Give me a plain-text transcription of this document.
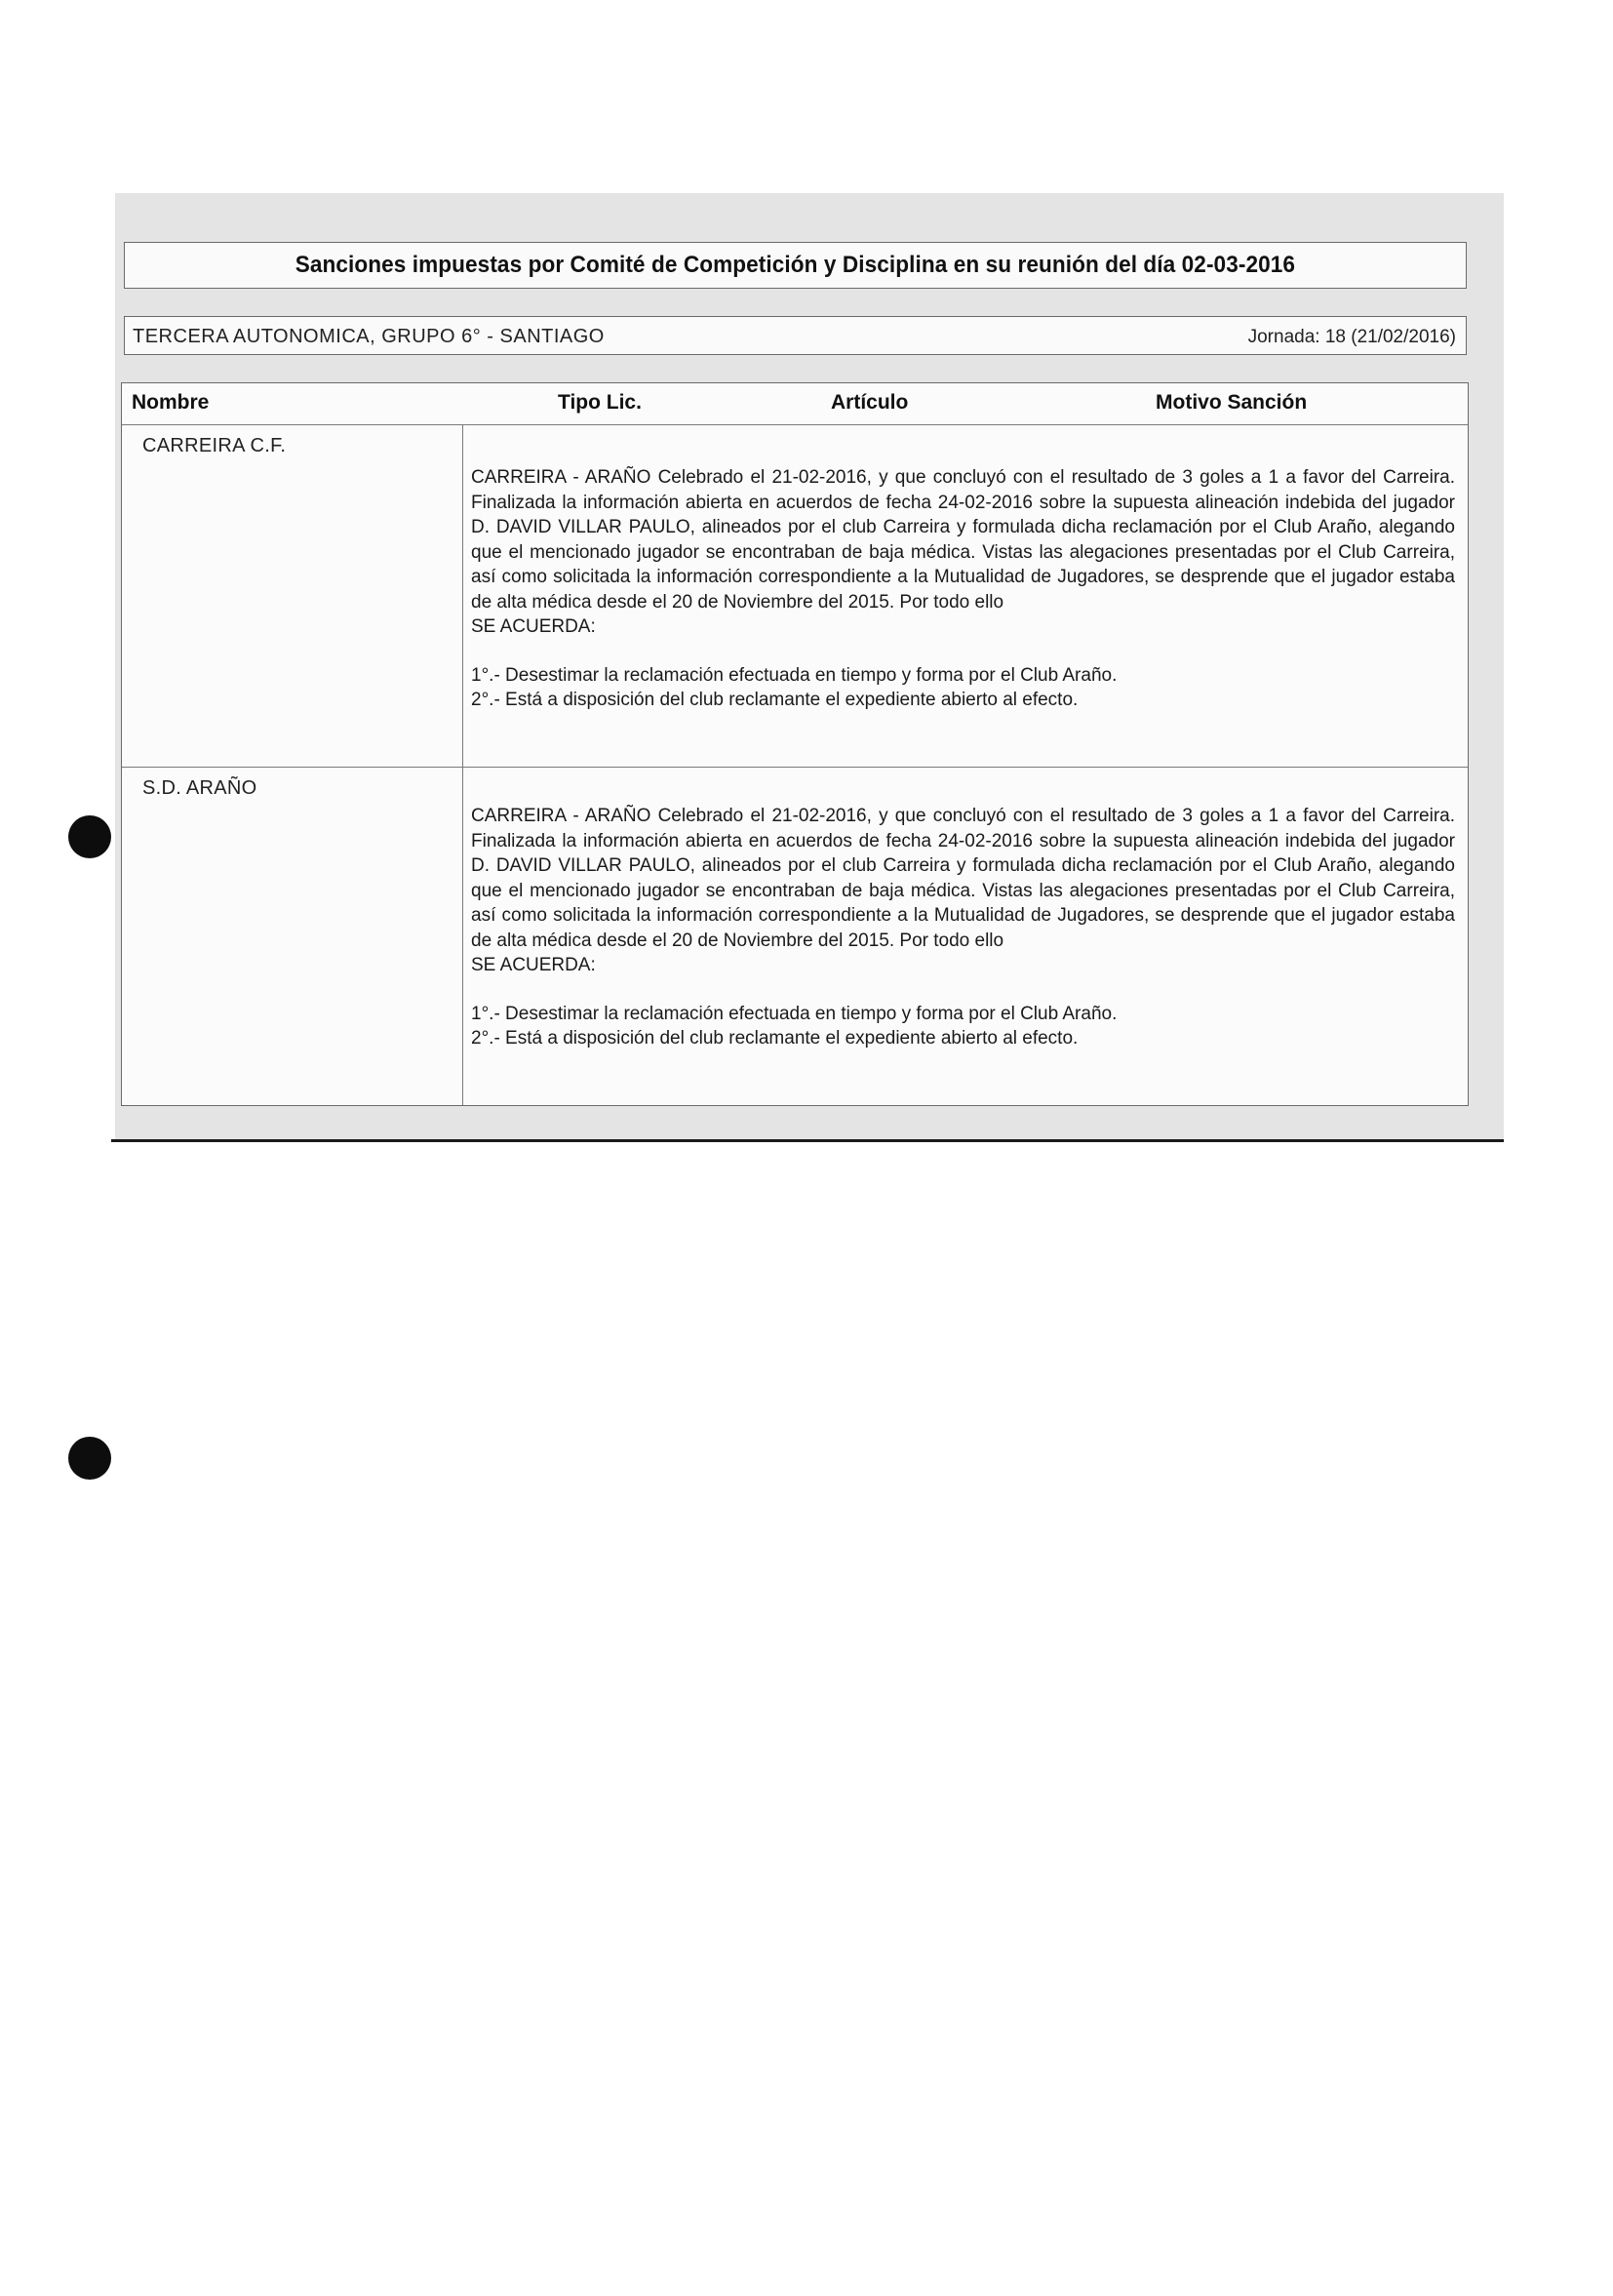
Sanciones impuestas por Comité de Competición y Disciplina en su reunión del día 02-03-2016
TERCERA AUTONOMICA, GRUPO 6° - SANTIAGO	Jornada: 18 (21/02/2016)
Nombre	Tipo Lic.	Artículo	Motivo Sanción
CARREIRA C.F.

CARREIRA - ARAÑO Celebrado el 21-02-2016, y que concluyó con el resultado de 3 goles a 1 a favor del Carreira. Finalizada la información abierta en acuerdos de fecha 24-02-2016 sobre la supuesta alineación indebida del jugador D. DAVID VILLAR PAULO, alineados por el club Carreira y formulada dicha reclamación por el Club Araño, alegando que el mencionado jugador se encontraban de baja médica. Vistas las alegaciones presentadas por el Club Carreira, así como solicitada la información correspondiente a la Mutualidad de Jugadores, se desprende que el jugador estaba de alta médica desde el 20 de Noviembre del 2015. Por todo ello

SE ACUERDA:

1°.- Desestimar la reclamación efectuada en tiempo y forma por el Club Araño.

2°.- Está a disposición del club reclamante el expediente abierto al efecto.

S.D. ARAÑO

CARREIRA - ARAÑO Celebrado el 21-02-2016, y que concluyó con el resultado de 3 goles a 1 a favor del Carreira. Finalizada la información abierta en acuerdos de fecha 24-02-2016 sobre la supuesta alineación indebida del jugador D. DAVID VILLAR PAULO, alineados por el club Carreira y formulada dicha reclamación por el Club Araño, alegando que el mencionado jugador se encontraban de baja médica. Vistas las alegaciones presentadas por el Club Carreira, así como solicitada la información correspondiente a la Mutualidad de Jugadores, se desprende que el jugador estaba de alta médica desde el 20 de Noviembre del 2015. Por todo ello

SE ACUERDA:

1°.- Desestimar la reclamación efectuada en tiempo y forma por el Club Araño.

2°.- Está a disposición del club reclamante el expediente abierto al efecto.
